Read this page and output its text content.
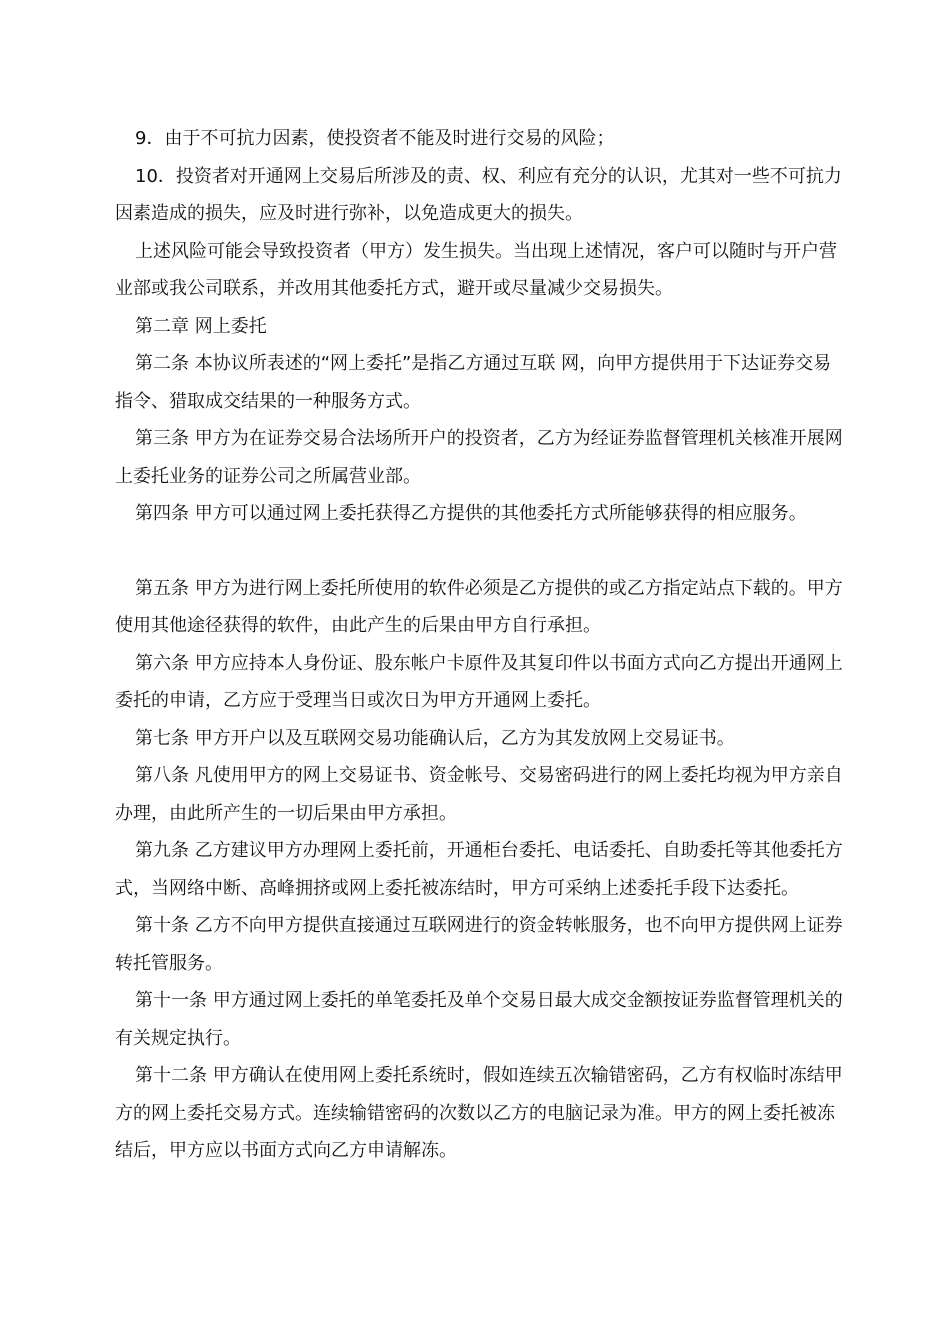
9．由于不可抗力因素，使投资者不能及时进行交易的风险；

10．投资者对开通网上交易后所涉及的责、权、利应有充分的认识，尤其对一些不可抗力因素造成的损失，应及时进行弥补，以免造成更大的损失。

上述风险可能会导致投资者（甲方）发生损失。当出现上述情况，客户可以随时与开户营业部或我公司联系，并改用其他委托方式，避开或尽量减少交易损失。

第二章 网上委托

第二条 本协议所表述的“网上委托”是指乙方通过互联 网，向甲方提供用于下达证券交易指令、猎取成交结果的一种服务方式。

第三条 甲方为在证券交易合法场所开户的投资者，乙方为经证券监督管理机关核准开展网上委托业务的证券公司之所属营业部。

第四条 甲方可以通过网上委托获得乙方提供的其他委托方式所能够获得的相应服务。

第五条 甲方为进行网上委托所使用的软件必须是乙方提供的或乙方指定站点下载的。甲方使用其他途径获得的软件，由此产生的后果由甲方自行承担。

第六条 甲方应持本人身份证、股东帐户卡原件及其复印件以书面方式向乙方提出开通网上委托的申请，乙方应于受理当日或次日为甲方开通网上委托。

第七条 甲方开户以及互联网交易功能确认后，乙方为其发放网上交易证书。

第八条 凡使用甲方的网上交易证书、资金帐号、交易密码进行的网上委托均视为甲方亲自办理，由此所产生的一切后果由甲方承担。

第九条 乙方建议甲方办理网上委托前，开通柜台委托、电话委托、自助委托等其他委托方式，当网络中断、高峰拥挤或网上委托被冻结时，甲方可采纳上述委托手段下达委托。

第十条 乙方不向甲方提供直接通过互联网进行的资金转帐服务，也不向甲方提供网上证券转托管服务。

第十一条 甲方通过网上委托的单笔委托及单个交易日最大成交金额按证券监督管理机关的有关规定执行。

第十二条 甲方确认在使用网上委托系统时，假如连续五次输错密码，乙方有权临时冻结甲方的网上委托交易方式。连续输错密码的次数以乙方的电脑记录为准。甲方的网上委托被冻结后，甲方应以书面方式向乙方申请解冻。
